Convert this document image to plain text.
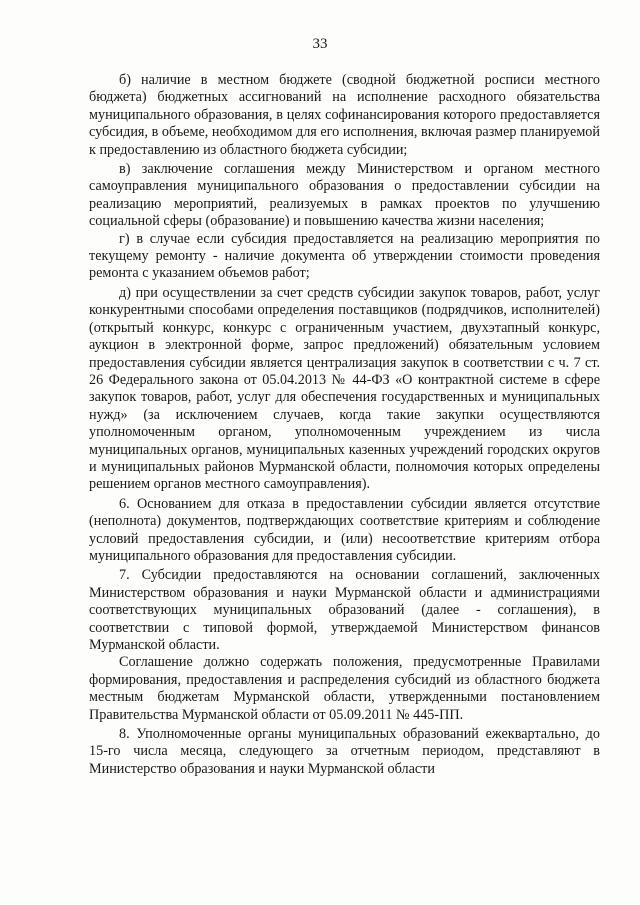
33

б) наличие в местном бюджете (сводной бюджетной росписи местного бюджета) бюджетных ассигнований на исполнение расходного обязательства муниципального образования, в целях софинансирования которого предоставляется субсидия, в объеме, необходимом для его исполнения, включая размер планируемой к предоставлению из областного бюджета субсидии;

в) заключение соглашения между Министерством и органом местного самоуправления муниципального образования о предоставлении субсидии на реализацию мероприятий, реализуемых в рамках проектов по улучшению социальной сферы (образование) и повышению качества жизни населения;

г) в случае если субсидия предоставляется на реализацию мероприятия по текущему ремонту - наличие документа об утверждении стоимости проведения ремонта с указанием объемов работ;

д) при осуществлении за счет средств субсидии закупок товаров, работ, услуг конкурентными способами определения поставщиков (подрядчиков, исполнителей) (открытый конкурс, конкурс с ограниченным участием, двухэтапный конкурс, аукцион в электронной форме, запрос предложений) обязательным условием предоставления субсидии является централизация закупок в соответствии с ч. 7 ст. 26 Федерального закона от 05.04.2013 № 44-ФЗ «О контрактной системе в сфере закупок товаров, работ, услуг для обеспечения государственных и муниципальных нужд» (за исключением случаев, когда такие закупки осуществляются уполномоченным органом, уполномоченным учреждением из числа муниципальных органов, муниципальных казенных учреждений городских округов и муниципальных районов Мурманской области, полномочия которых определены решением органов местного самоуправления).

6. Основанием для отказа в предоставлении субсидии является отсутствие (неполнота) документов, подтверждающих соответствие критериям и соблюдение условий предоставления субсидии, и (или) несоответствие критериям отбора муниципального образования для предоставления субсидии.

7. Субсидии предоставляются на основании соглашений, заключенных Министерством образования и науки Мурманской области и администрациями соответствующих муниципальных образований (далее - соглашения), в соответствии с типовой формой, утверждаемой Министерством финансов Мурманской области.

Соглашение должно содержать положения, предусмотренные Правилами формирования, предоставления и распределения субсидий из областного бюджета местным бюджетам Мурманской области, утвержденными постановлением Правительства Мурманской области от 05.09.2011 № 445-ПП.

8. Уполномоченные органы муниципальных образований ежеквартально, до 15-го числа месяца, следующего за отчетным периодом, представляют в Министерство образования и науки Мурманской области
